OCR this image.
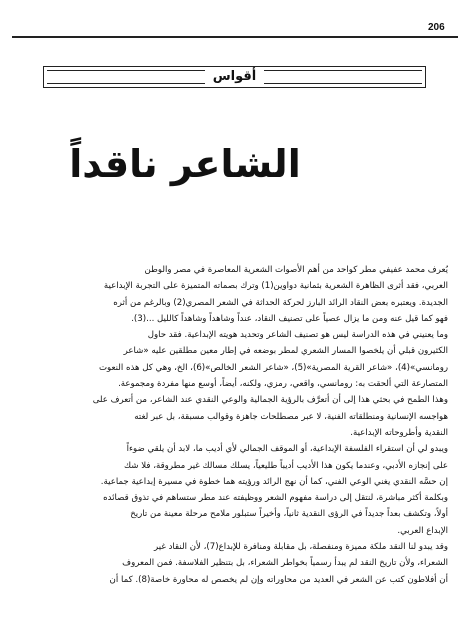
206
أقواس
الشاعر ناقداً
يُعرف محمد عفيفي مطر كواحد من أهم الأصوات الشعرية المعاصرة في مصر والوطن
العربي، فقد أثرى الظاهرة الشعرية بثمانية دواوين(1) وترك بصماته المتميزة على التجربة الإبداعية
الجديدة. ويعتبره بعض النقاد الرائد البارز لحركة الحداثة في الشعر المصري(2) وبالرغم من أثره
فهو كما قيل عنه ومن ما يزال عصياً على تصنيف النقاد، عنداً وشاهداً وشاهداً كالليل ...(3).
وما يعنيني في هذه الدراسة ليس هو تصنيف الشاعر وتحديد هويته الإبداعية. فقد حاول
الكثيرون قبلي أن يلخصوا المسار الشعري لمطر بوضعه في إطار معين مطلقين عليه «شاعر
رومانسي»(4)، «شاعر القرية المصرية»(5)، «شاعر الشعر الخالص»(6)، الخ، وهي كل هذه النعوت
المتصارعة التي ألحقت به: رومانسي، واقعي، رمزي، ولكنه، أيضاً، أوسع منها مفردة ومجموعة.
وهذا الطمح في بحثي هذا إلى أن أتعرَّف بالرؤية الجمالية والوعي النقدي عند الشاعر، من أتعرف على
هواجسه الإنسانية ومنطلقاته الفنية، لا عبر مصطلحات جاهزة وقوالب مسبقة، بل عبر لغته
النقدية وأطروحاته الإبداعية.
ويبدو لي أن استقراء الفلسفة الإبداعية، أو الموقف الجمالي لأي أديب ما، لابد أن يلقي ضوءاً
على إنجازه الأدبي، وعندما يكون هذا الأديب أديباً طليعياً، يسلك مسالك غير مطروقة، فلا شك
إن حسَّه النقدي يغني الوعي الفني، كما أن نهج الرائد ورؤيته هما خطوة في مسيرة إبداعية جماعية.
وبكلمة أكثر مباشرة، لنتقل إلى دراسة مفهوم الشعر ووظيفته عند مطر ستساهم في تذوق قصائده
أولاً، وتكشف بعداً جديداً في الرؤى النقدية ثانياً، وأخيراً ستبلور ملامح مرحلة معينة من تاريخ
الإبداع العربي.
وقد يبدو لنا النقد ملكة مميزة ومنفصلة، بل مقابلة ومنافرة للإبداع(7)، لأن النقاد غير
الشعراء، ولأن تاريخ النقد لم يبدأ رسمياً بخواطر الشعراء، بل بتنظير الفلاسفة. فمن المعروف
أن أفلاطون كتب عن الشعر في العديد من محاوراته وإن لم يخصص له محاورة خاصة(8). كما أن
